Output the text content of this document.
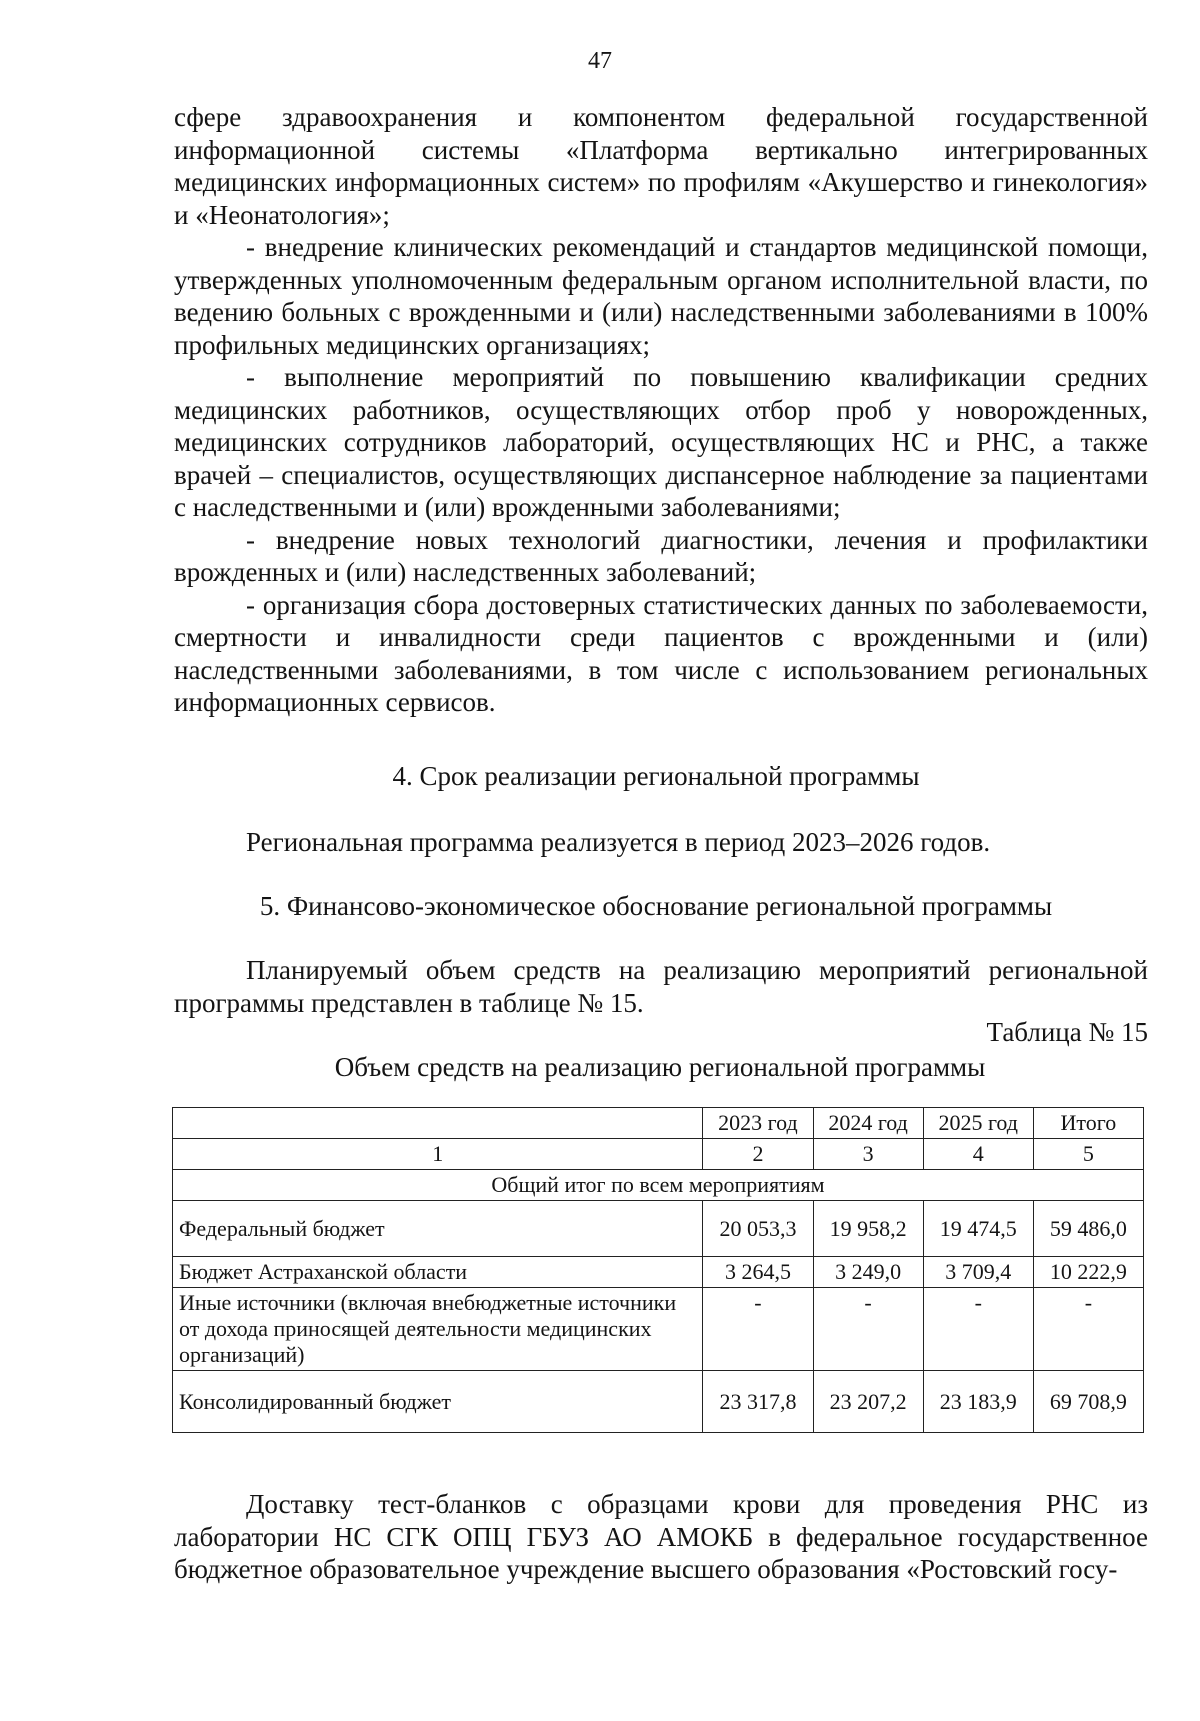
47

сфере здравоохранения и компонентом федеральной государственной информационной системы «Платформа вертикально интегрированных медицинских информационных систем» по профилям «Акушерство и гинекология» и «Неонатология»;

- внедрение клинических рекомендаций и стандартов медицинской помощи, утвержденных уполномоченным федеральным органом исполнительной власти, по ведению больных с врожденными и (или) наследственными заболеваниями в 100% профильных медицинских организациях;

- выполнение мероприятий по повышению квалификации средних медицинских работников, осуществляющих отбор проб у новорожденных, медицинских сотрудников лабораторий, осуществляющих НС и РНС, а также врачей – специалистов, осуществляющих диспансерное наблюдение за пациентами с наследственными и (или) врожденными заболеваниями;

- внедрение новых технологий диагностики, лечения и профилактики врожденных и (или) наследственных заболеваний;

- организация сбора достоверных статистических данных по заболеваемости, смертности и инвалидности среди пациентов с врожденными и (или) наследственными заболеваниями, в том числе с использованием региональных информационных сервисов.

4. Срок реализации региональной программы

Региональная программа реализуется в период 2023–2026 годов.

5. Финансово-экономическое обоснование региональной программы

Планируемый объем средств на реализацию мероприятий региональной программы представлен в таблице № 15.

Таблица № 15
Объем средств на реализацию региональной программы
	2023 год	2024 год	2025 год	Итого
1	2	3	4	5
Общий итог по всем мероприятиям				
Федеральный бюджет	20 053,3	19 958,2	19 474,5	59 486,0
Бюджет Астраханской области	3 264,5	3 249,0	3 709,4	10 222,9
Иные источники (включая внебюджетные источники от дохода приносящей деятельности медицинских организаций)	-	-	-	-
Консолидированный бюджет	23 317,8	23 207,2	23 183,9	69 708,9

Доставку тест-бланков с образцами крови для проведения РНС из лаборатории НС СГК ОПЦ ГБУЗ АО АМОКБ в федеральное государственное бюджетное образовательное учреждение высшего образования «Ростовский госу-
